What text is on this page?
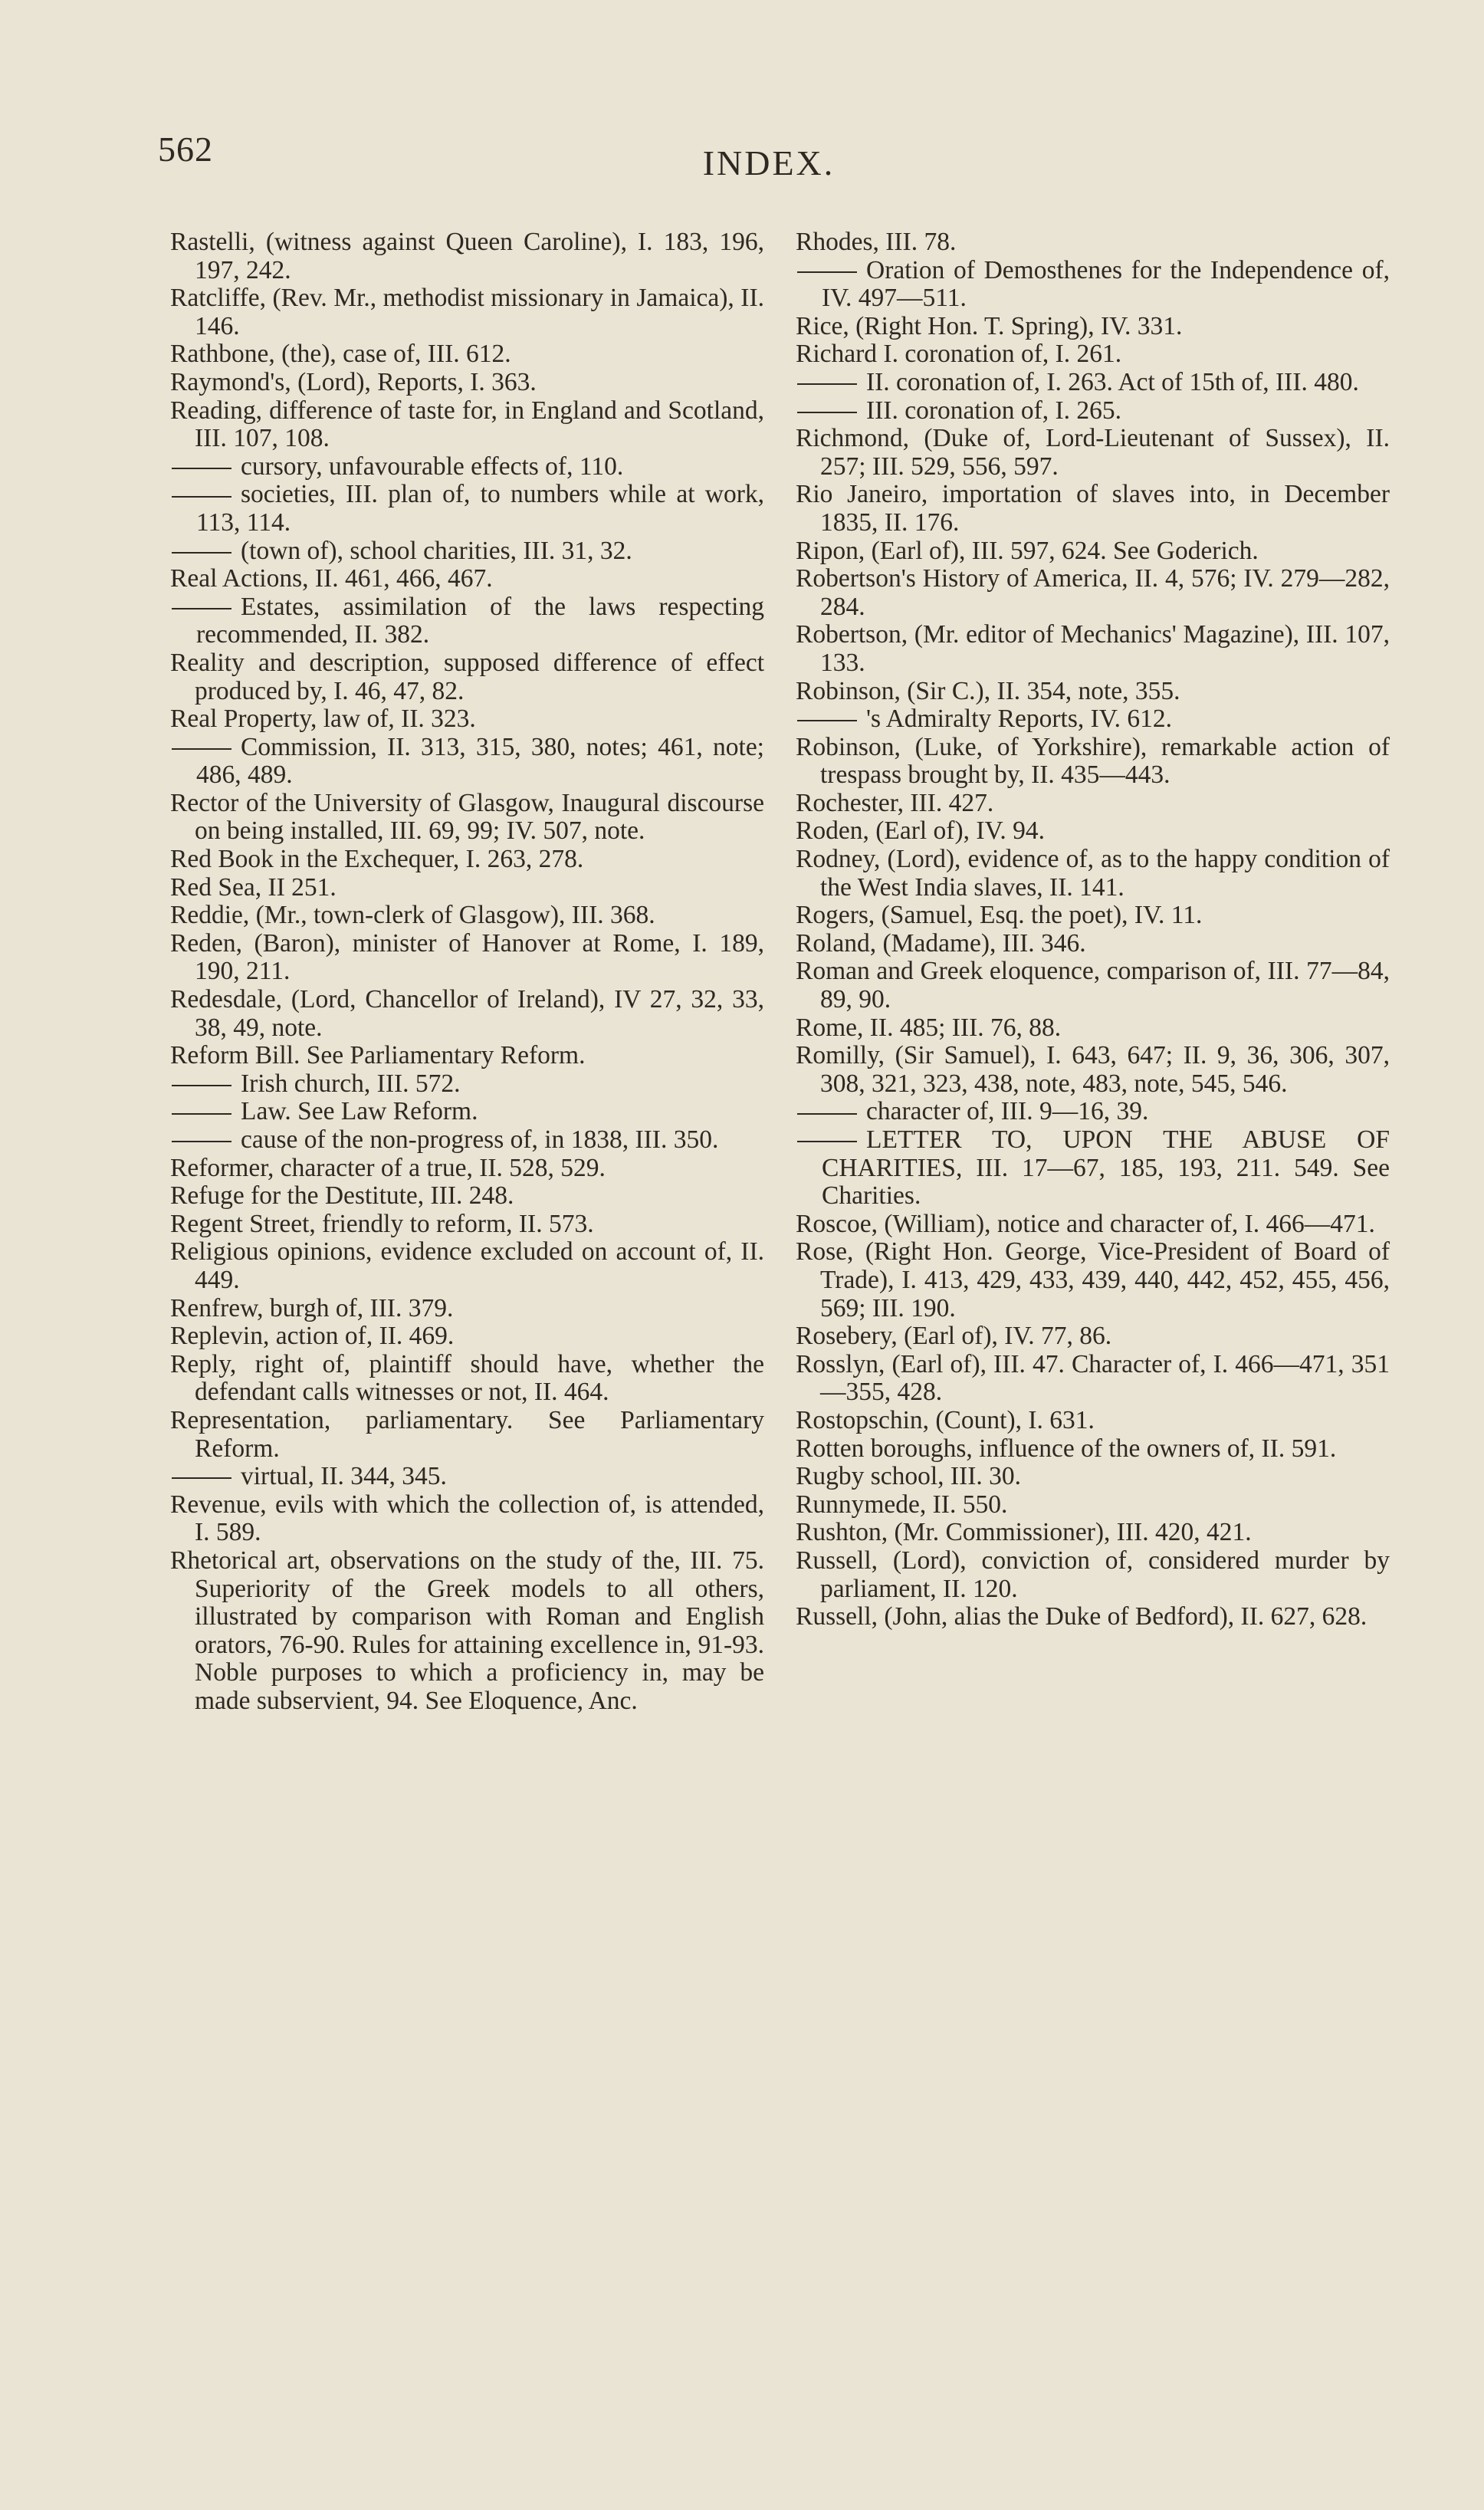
562	INDEX.
Rastelli, (witness against Queen Caroline), I. 183, 196, 197, 242.
Ratcliffe, (Rev. Mr., methodist missionary in Jamaica), II. 146.
Rathbone, (the), case of, III. 612.
Raymond's, (Lord), Reports, I. 363.
Reading, difference of taste for, in England and Scotland, III. 107, 108.
cursory, unfavourable effects of, 110.
societies, III. plan of, to numbers while at work, 113, 114.
(town of), school charities, III. 31, 32.
Real Actions, II. 461, 466, 467.
Estates, assimilation of the laws respecting recommended, II. 382.
Reality and description, supposed difference of effect produced by, I. 46, 47, 82.
Real Property, law of, II. 323.
Commission, II. 313, 315, 380, notes; 461, note; 486, 489.
Rector of the University of Glasgow, Inaugural discourse on being installed, III. 69, 99; IV. 507, note.
Red Book in the Exchequer, I. 263, 278.
Red Sea, II 251.
Reddie, (Mr., town-clerk of Glasgow), III. 368.
Reden, (Baron), minister of Hanover at Rome, I. 189, 190, 211.
Redesdale, (Lord, Chancellor of Ireland), IV 27, 32, 33, 38, 49, note.
Reform Bill. See Parliamentary Reform.
Irish church, III. 572.
Law. See Law Reform.
cause of the non-progress of, in 1838, III. 350.
Reformer, character of a true, II. 528, 529.
Refuge for the Destitute, III. 248.
Regent Street, friendly to reform, II. 573.
Religious opinions, evidence excluded on account of, II. 449.
Renfrew, burgh of, III. 379.
Replevin, action of, II. 469.
Reply, right of, plaintiff should have, whether the defendant calls witnesses or not, II. 464.
Representation, parliamentary. See Parliamentary Reform.
virtual, II. 344, 345.
Revenue, evils with which the collection of, is attended, I. 589.
Rhetorical art, observations on the study of the, III. 75. Superiority of the Greek models to all others, illustrated by comparison with Roman and English orators, 76-90. Rules for attaining excellence in, 91-93. Noble purposes to which a proficiency in, may be made subservient, 94. See Eloquence, Anc.
Rhodes, III. 78.
Oration of Demosthenes for the Independence of, IV. 497—511.
Rice, (Right Hon. T. Spring), IV. 331.
Richard I. coronation of, I. 261.
II. coronation of, I. 263. Act of 15th of, III. 480.
III. coronation of, I. 265.
Richmond, (Duke of, Lord-Lieutenant of Sussex), II. 257; III. 529, 556, 597.
Rio Janeiro, importation of slaves into, in December 1835, II. 176.
Ripon, (Earl of), III. 597, 624. See Goderich.
Robertson's History of America, II. 4, 576; IV. 279—282, 284.
Robertson, (Mr. editor of Mechanics' Magazine), III. 107, 133.
Robinson, (Sir C.), II. 354, note, 355.
's Admiralty Reports, IV. 612.
Robinson, (Luke, of Yorkshire), remarkable action of trespass brought by, II. 435—443.
Rochester, III. 427.
Roden, (Earl of), IV. 94.
Rodney, (Lord), evidence of, as to the happy condition of the West India slaves, II. 141.
Rogers, (Samuel, Esq. the poet), IV. 11.
Roland, (Madame), III. 346.
Roman and Greek eloquence, comparison of, III. 77—84, 89, 90.
Rome, II. 485; III. 76, 88.
Romilly, (Sir Samuel), I. 643, 647; II. 9, 36, 306, 307, 308, 321, 323, 438, note, 483, note, 545, 546.
character of, III. 9—16, 39.
LETTER TO, UPON THE ABUSE OF CHARITIES, III. 17—67, 185, 193, 211. 549. See Charities.
Roscoe, (William), notice and character of, I. 466—471.
Rose, (Right Hon. George, Vice-President of Board of Trade), I. 413, 429, 433, 439, 440, 442, 452, 455, 456, 569; III. 190.
Rosebery, (Earl of), IV. 77, 86.
Rosslyn, (Earl of), III. 47. Character of, I. 466—471, 351—355, 428.
Rostopschin, (Count), I. 631.
Rotten boroughs, influence of the owners of, II. 591.
Rugby school, III. 30.
Runnymede, II. 550.
Rushton, (Mr. Commissioner), III. 420, 421.
Russell, (Lord), conviction of, considered murder by parliament, II. 120.
Russell, (John, alias the Duke of Bedford), II. 627, 628.
